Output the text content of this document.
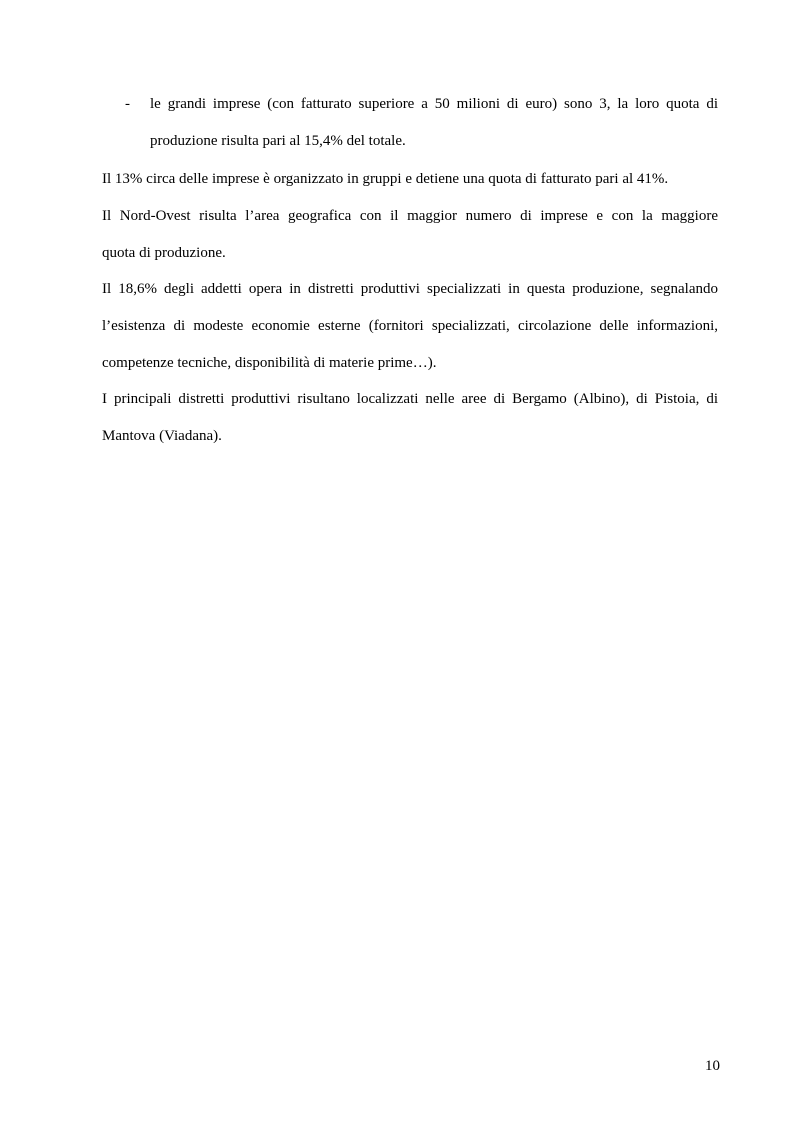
- le grandi imprese (con fatturato superiore a 50 milioni di euro) sono 3, la loro quota di
produzione risulta pari al 15,4% del totale.
Il 13% circa delle imprese è organizzato in gruppi e detiene una quota di fatturato pari al 41%.
Il Nord-Ovest risulta l’area geografica con il maggior numero di imprese e con la maggiore
quota di produzione.
Il 18,6% degli addetti opera in distretti produttivi specializzati in questa produzione, segnalando
l’esistenza di modeste economie esterne (fornitori specializzati, circolazione delle informazioni,
competenze tecniche, disponibilità di materie prime…).
I principali distretti produttivi risultano localizzati nelle aree di Bergamo (Albino), di Pistoia, di
Mantova (Viadana).
10
